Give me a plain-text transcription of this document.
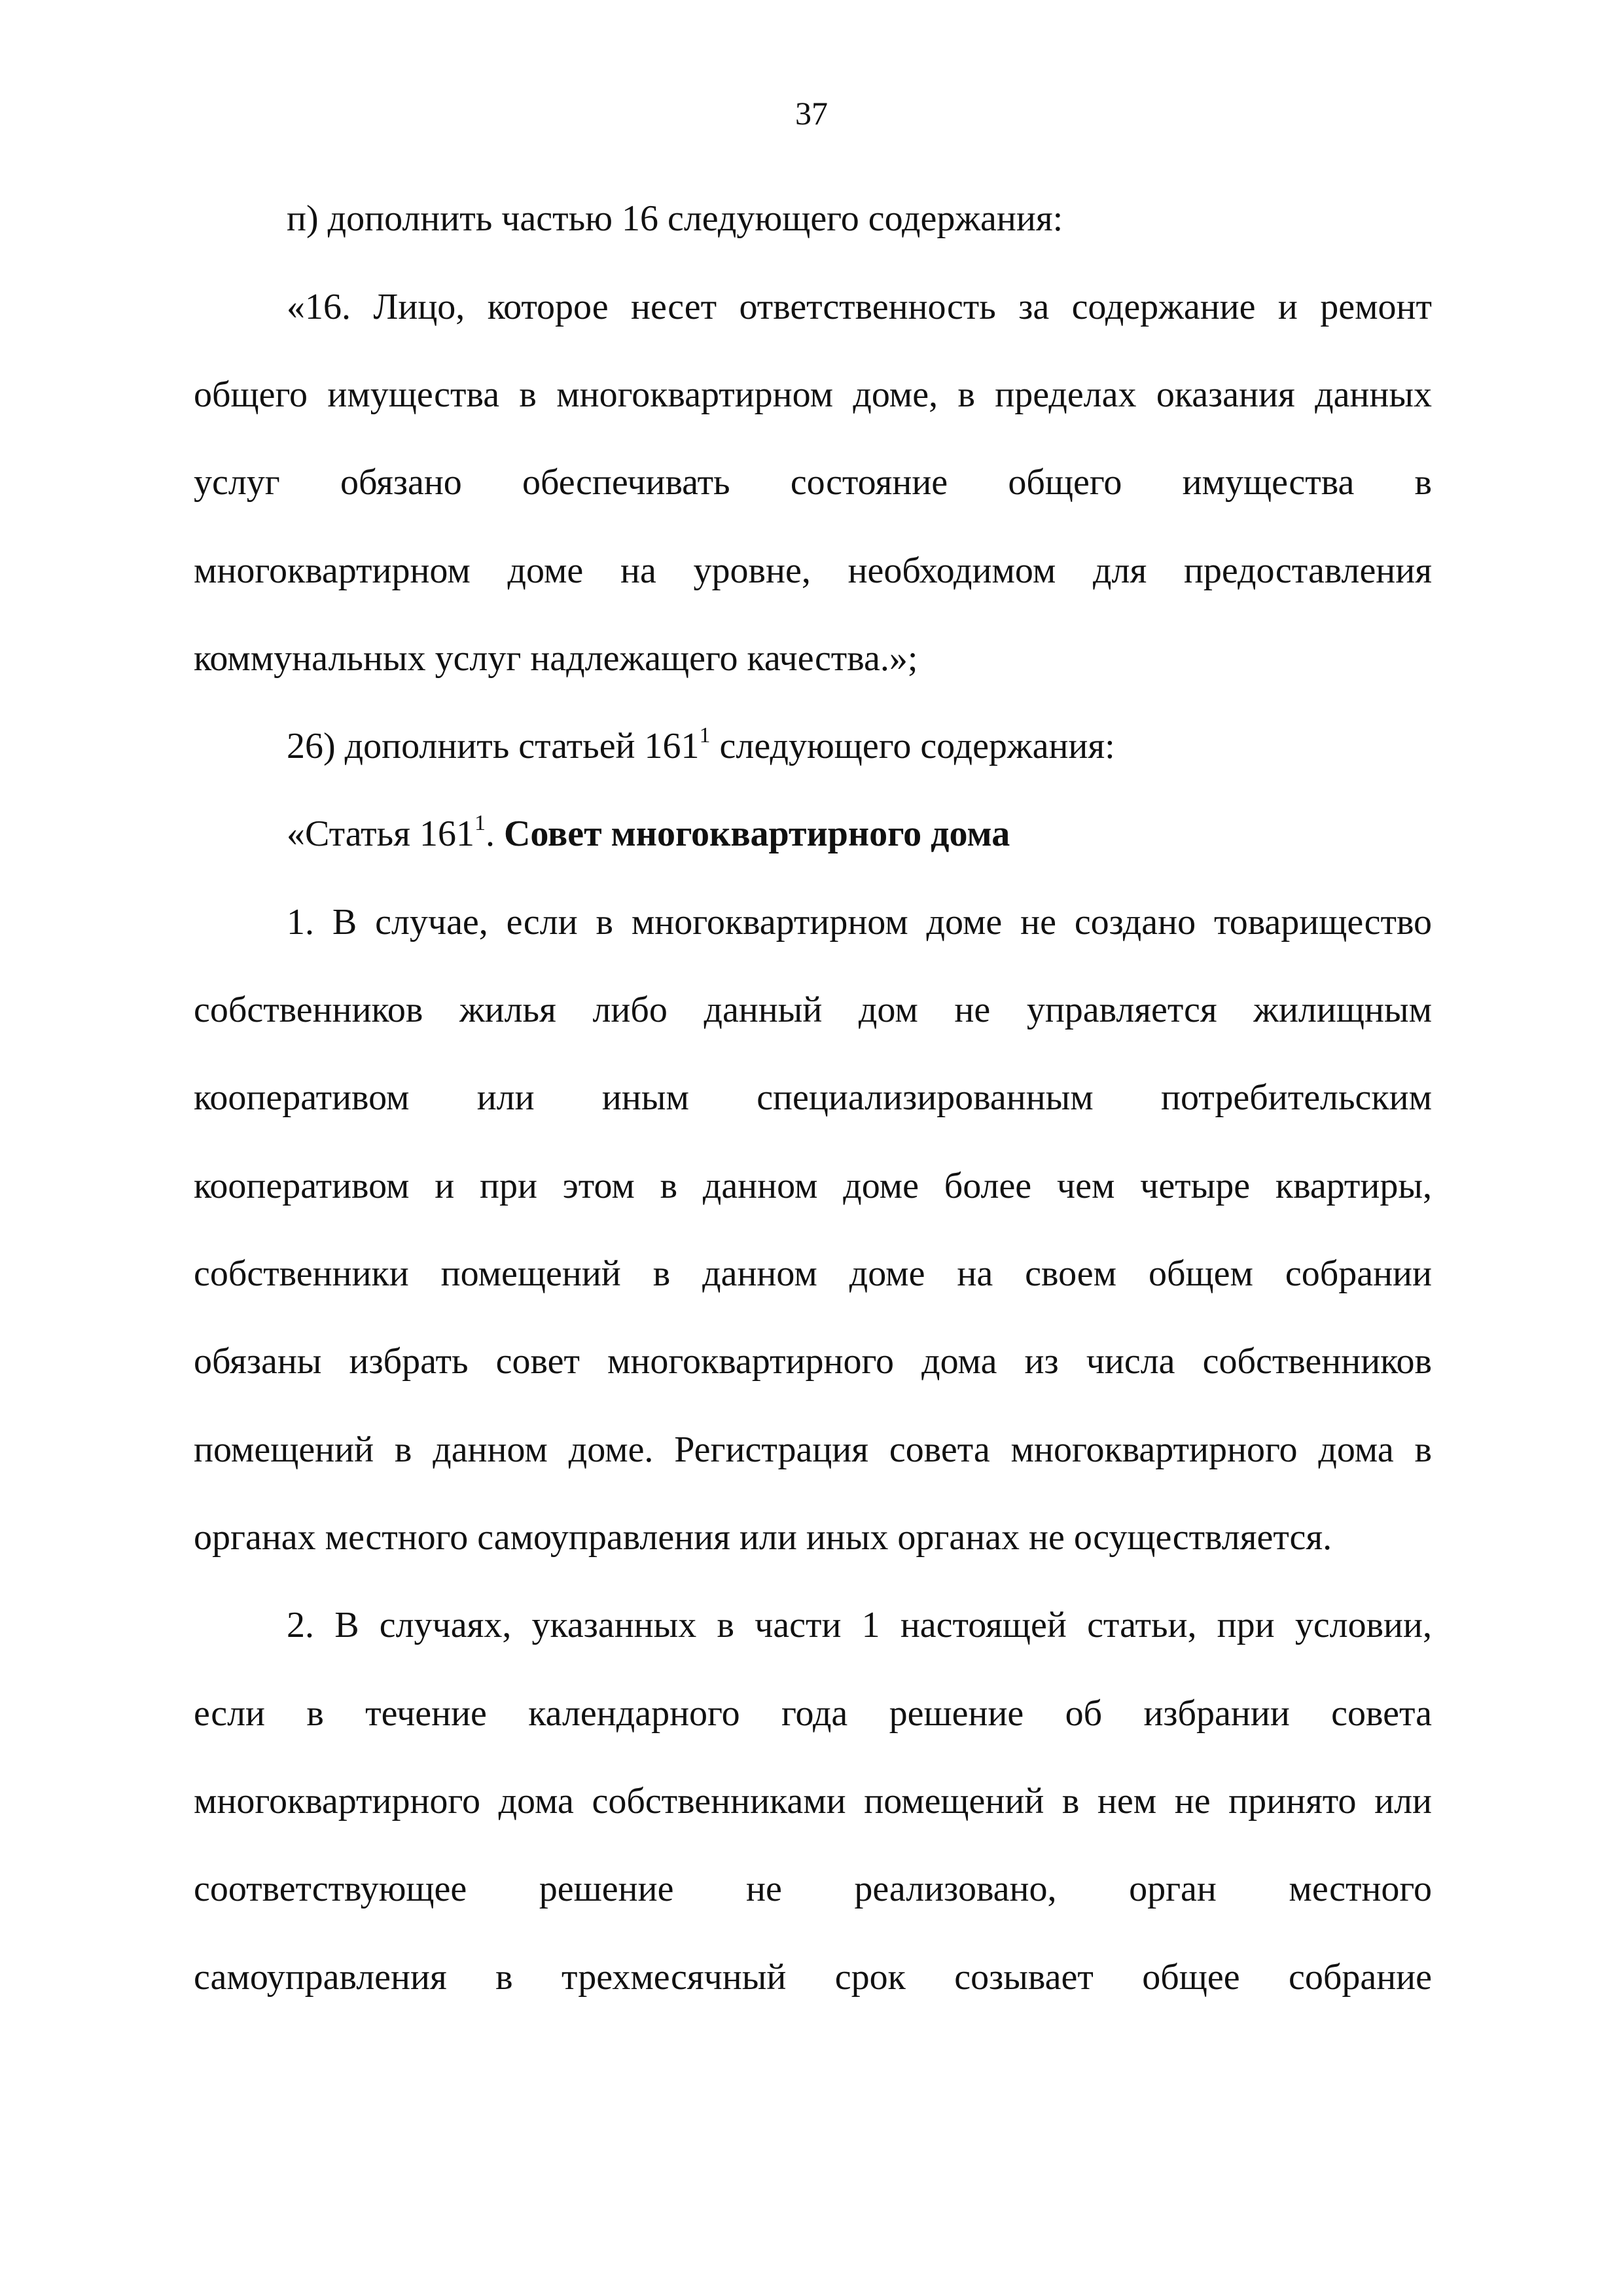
37
п) дополнить частью 16 следующего содержания:
«16. Лицо, которое несет ответственность за содержание и ремонт
общего имущества в многоквартирном доме, в пределах оказания данных
услуг обязано обеспечивать состояние общего имущества в
многоквартирном доме на уровне, необходимом для предоставления
коммунальных услуг надлежащего качества.»;
26) дополнить статьей $161^1$ следующего содержания:
«Статья $161^1$. Совет многоквартирного дома
1. В случае, если в многоквартирном доме не создано товарищество
собственников жилья либо данный дом не управляется жилищным
кооперативом или иным специализированным потребительским
кооперативом и при этом в данном доме более чем четыре квартиры,
собственники помещений в данном доме на своем общем собрании
обязаны избрать совет многоквартирного дома из числа собственников
помещений в данном доме. Регистрация совета многоквартирного дома в
органах местного самоуправления или иных органах не осуществляется.
2. В случаях, указанных в части 1 настоящей статьи, при условии,
если в течение календарного года решение об избрании совета
многоквартирного дома собственниками помещений в нем не принято или
соответствующее решение не реализовано, орган местного
самоуправления в трехмесячный срок созывает общее собрание
